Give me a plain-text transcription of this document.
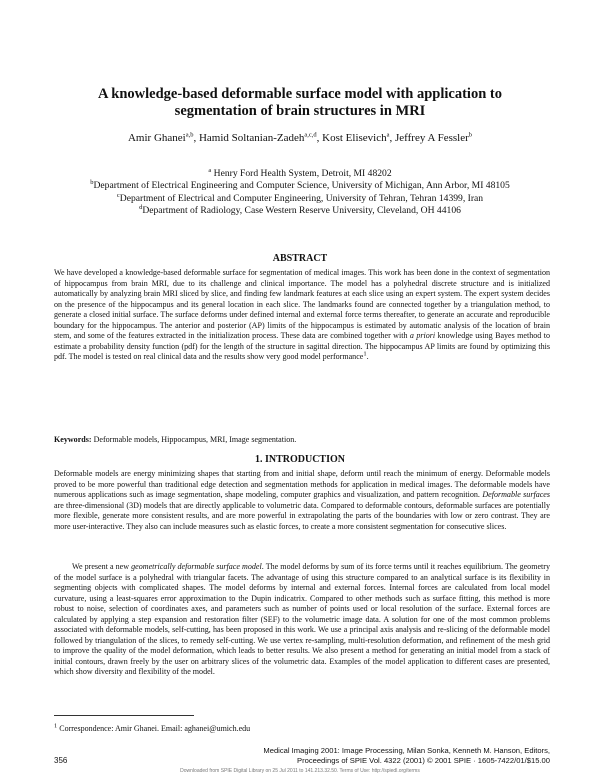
A knowledge-based deformable surface model with application to
segmentation of brain structures in MRI
Amir Ghanei$^{a,b}$, Hamid Soltanian-Zadeh$^{a,c,d}$, Kost Elisevich$^a$, Jeffrey A Fessler$^b$
$^a$ Henry Ford Health System, Detroit, MI 48202
$^b$Department of Electrical Engineering and Computer Science, University of Michigan, Ann Arbor, MI 48105
$^c$Department of Electrical and Computer Engineering, University of Tehran, Tehran 14399, Iran
$^d$Department of Radiology, Case Western Reserve University, Cleveland, OH 44106
ABSTRACT
We have developed a knowledge-based deformable surface for segmentation of medical images. This work has been done in the context of segmentation of hippocampus from brain MRI, due to its challenge and clinical importance. The model has a polyhedral discrete structure and is initialized automatically by analyzing brain MRI sliced by slice, and finding few landmark features at each slice using an expert system. The expert system decides on the presence of the hippocampus and its general location in each slice. The landmarks found are connected together by a triangulation method, to generate a closed initial surface. The surface deforms under defined internal and external force terms thereafter, to generate an accurate and reproducible boundary for the hippocampus. The anterior and posterior (AP) limits of the hippocampus is estimated by automatic analysis of the location of brain stem, and some of the features extracted in the initialization process. These data are combined together with a priori knowledge using Bayes method to estimate a probability density function (pdf) for the length of the structure in sagittal direction. The hippocampus AP limits are found by optimizing this pdf. The model is tested on real clinical data and the results show very good model performance$^1$.
Keywords: Deformable models, Hippocampus, MRI, Image segmentation.
1. INTRODUCTION
Deformable models are energy minimizing shapes that starting from and initial shape, deform until reach the minimum of energy. Deformable models proved to be more powerful than traditional edge detection and segmentation methods for application in medical images. The deformable models have numerous applications such as image segmentation, shape modeling, computer graphics and visualization, and pattern recognition. Deformable surfaces are three-dimensional (3D) models that are directly applicable to volumetric data. Compared to deformable contours, deformable surfaces are potentially more flexible, generate more consistent results, and are more powerful in extrapolating the parts of the boundaries with low or zero contrast. They are more user-interactive. They also can include measures such as elastic forces, to create a more consistent segmentation for consecutive slices.
We present a new geometrically deformable surface model. The model deforms by sum of its force terms until it reaches equilibrium. The geometry of the model surface is a polyhedral with triangular facets. The advantage of using this structure compared to an analytical surface is its flexibility in segmenting objects with complicated shapes. The model deforms by internal and external forces. Internal forces are calculated from local model curvature, using a least-squares error approximation to the Dupin indicatrix. Compared to other methods such as surface fitting, this method is more robust to noise, selection of coordinates axes, and parameters such as number of points used or local resolution of the surface. External forces are calculated by applying a step expansion and restoration filter (SEF) to the volumetric image data. A solution for one of the most common problems associated with deformable models, self-cutting, has been proposed in this work. We use a principal axis analysis and re-slicing of the deformable model followed by triangulation of the slices, to remedy self-cutting. We use vertex re-sampling, multi-resolution deformation, and refinement of the mesh grid to improve the quality of the model deformation, which leads to better results. We also present a method for generating an initial model from a stack of initial contours, drawn freely by the user on arbitrary slices of the volumetric data. Examples of the model application to different cases are presented, which show diversity and flexibility of the model.
$^1$ Correspondence: Amir Ghanei. Email: aghanei@umich.edu
356
Medical Imaging 2001: Image Processing, Milan Sonka, Kenneth M. Hanson, Editors,
Proceedings of SPIE Vol. 4322 (2001) © 2001 SPIE · 1605-7422/01/$15.00
Downloaded from SPIE Digital Library on 25 Jul 2011 to 141.213.32.50. Terms of Use: http://spiedl.org/terms
